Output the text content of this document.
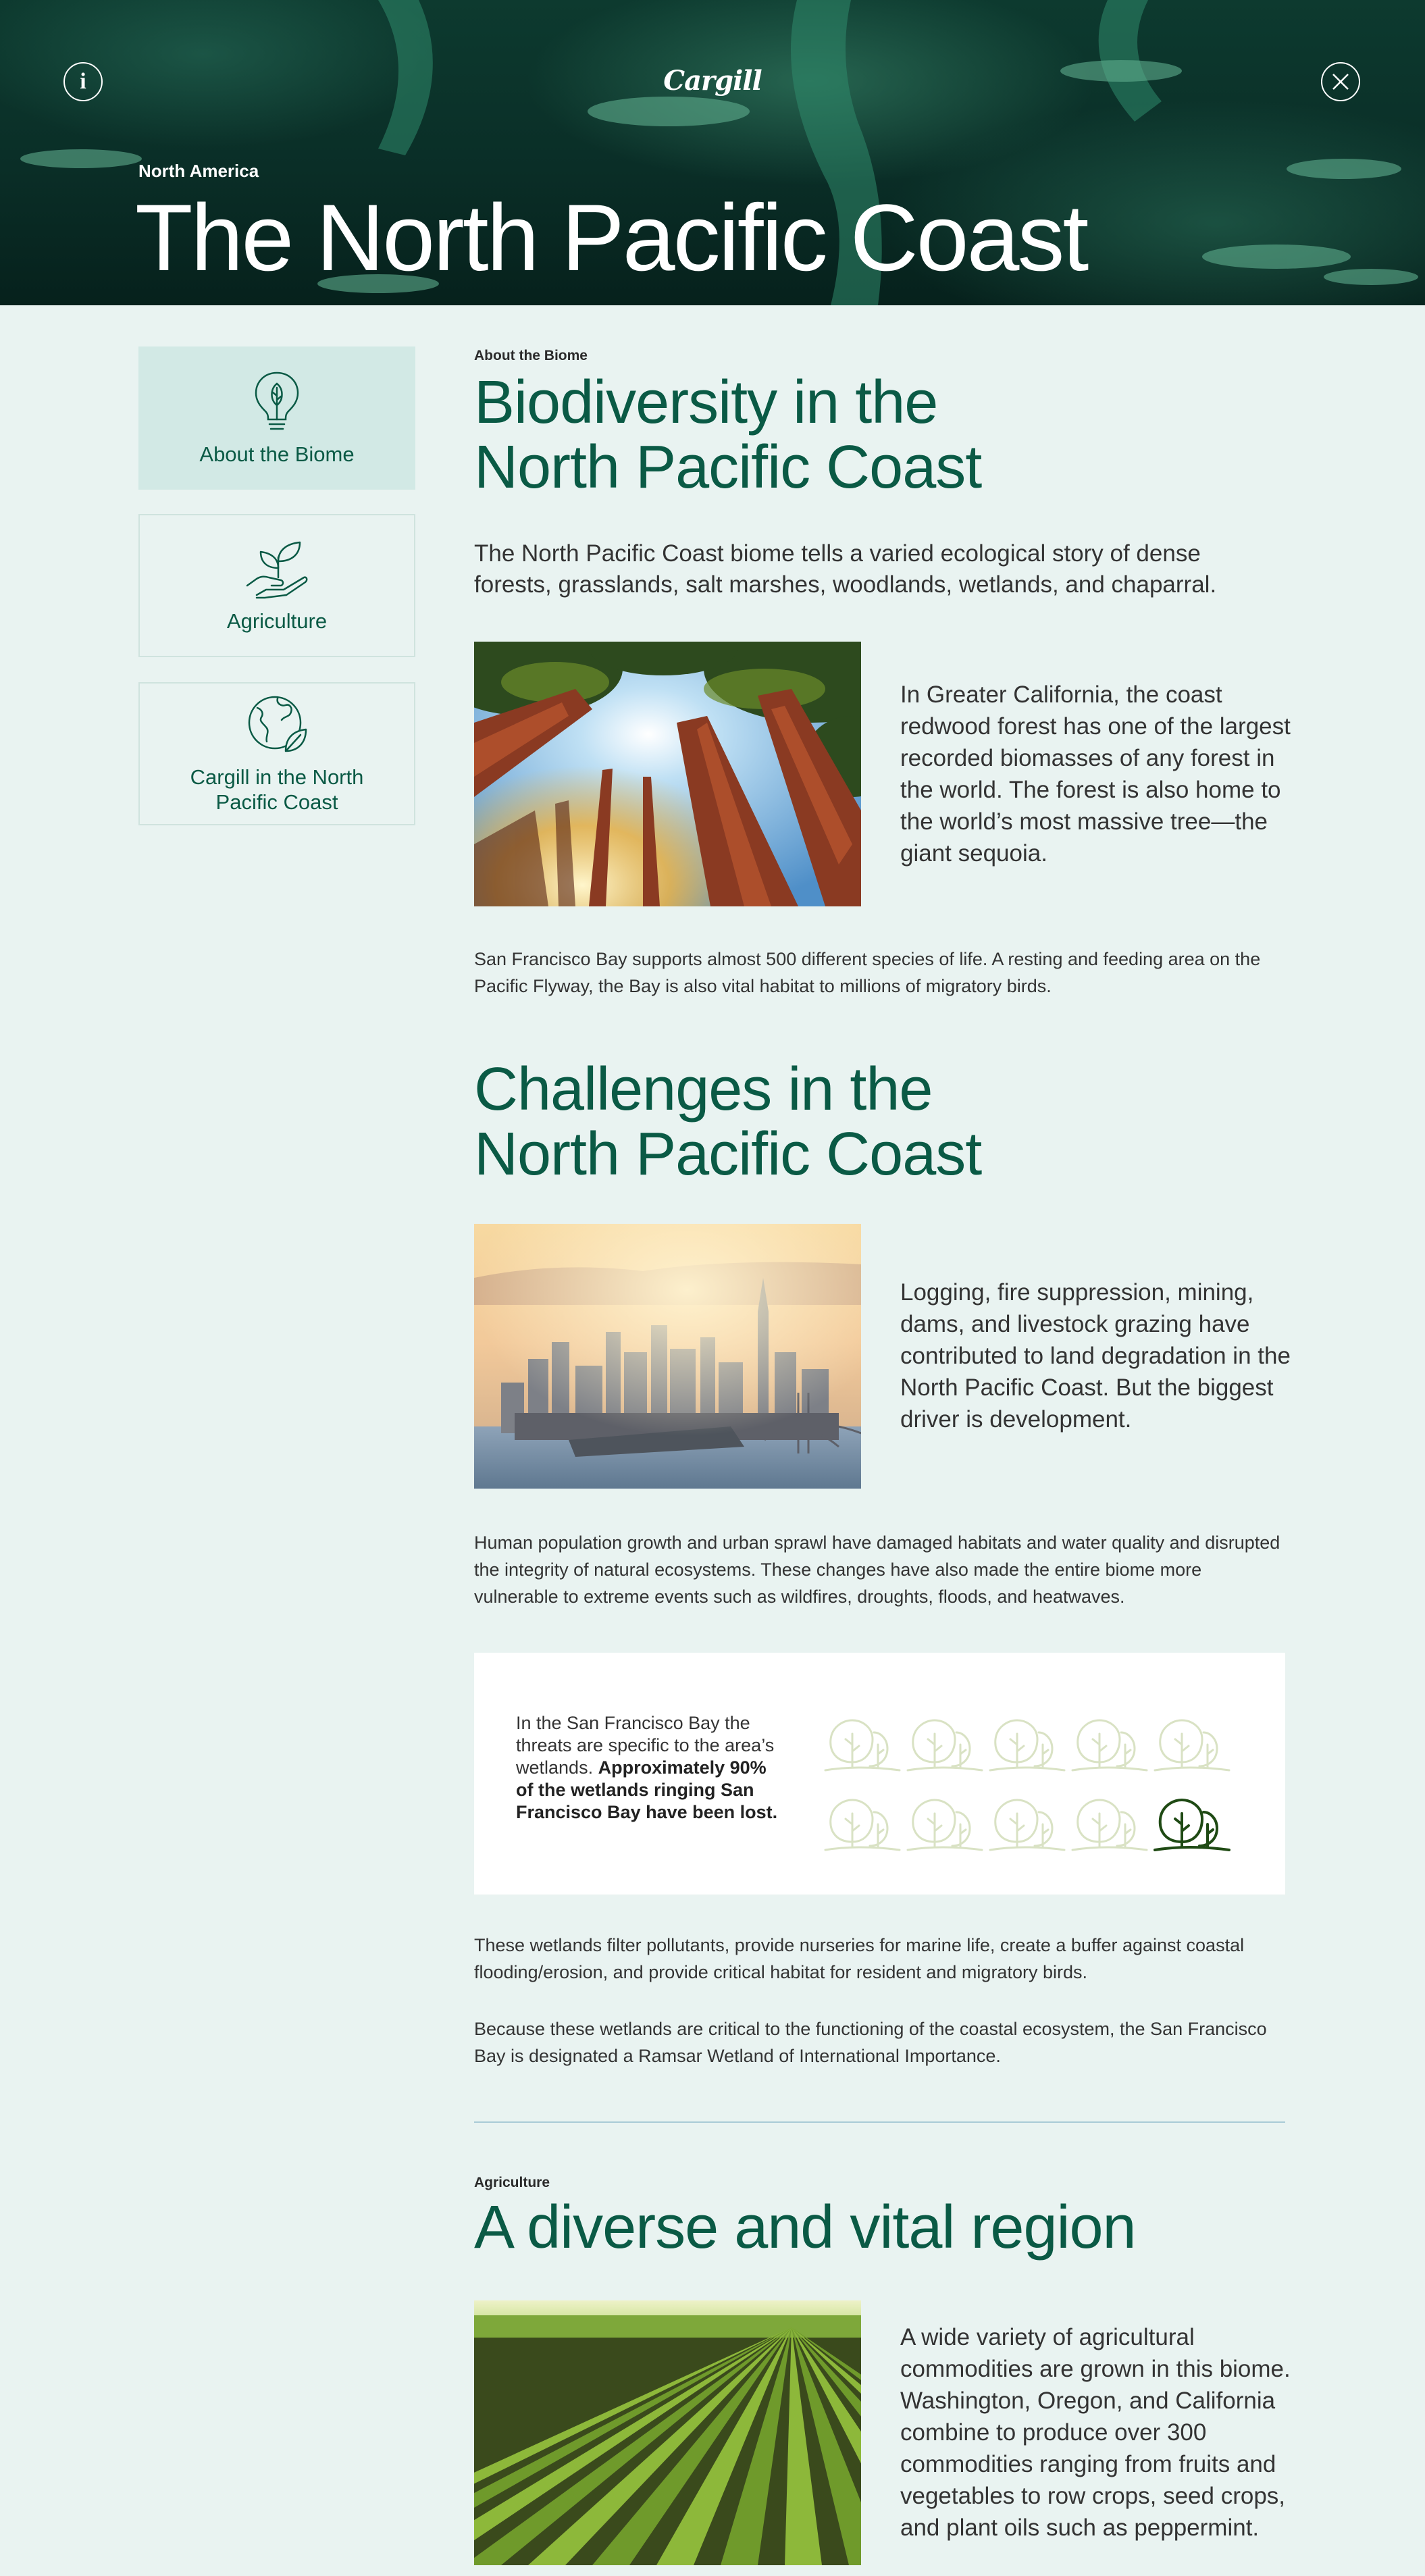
i	Cargill
North America
The North Pacific Coast
About the Biome
Agriculture
Cargill in the North Pacific Coast
About the Biome
Biodiversity in the
North Pacific Coast

The North Pacific Coast biome tells a varied ecological story of dense forests, grasslands, salt marshes, woodlands, wetlands, and chaparral.

In Greater California, the coast redwood forest has one of the largest recorded biomasses of any forest in the world. The forest is also home to the world’s most massive tree—the giant sequoia.

San Francisco Bay supports almost 500 different species of life. A resting and feeding area on the Pacific Flyway, the Bay is also vital habitat to millions of migratory birds.

Challenges in the
North Pacific Coast

Logging, fire suppression, mining, dams, and livestock grazing have contributed to land degradation in the North Pacific Coast. But the biggest driver is development.

Human population growth and urban sprawl have damaged habitats and water quality and disrupted the integrity of natural ecosystems. These changes have also made the entire biome more vulnerable to extreme events such as wildfires, droughts, floods, and heatwaves.

In the San Francisco Bay the threats are specific to the area’s wetlands. Approximately 90% of the wetlands ringing San Francisco Bay have been lost.

These wetlands filter pollutants, provide nurseries for marine life, create a buffer against coastal flooding/erosion, and provide critical habitat for resident and migratory birds.

Because these wetlands are critical to the functioning of the coastal ecosystem, the San Francisco Bay is designated a Ramsar Wetland of International Importance.

Agriculture
A diverse and vital region

A wide variety of agricultural commodities are grown in this biome. Washington, Oregon, and California combine to produce over 300 commodities ranging from fruits and vegetables to row crops, seed crops, and plant oils such as peppermint.
